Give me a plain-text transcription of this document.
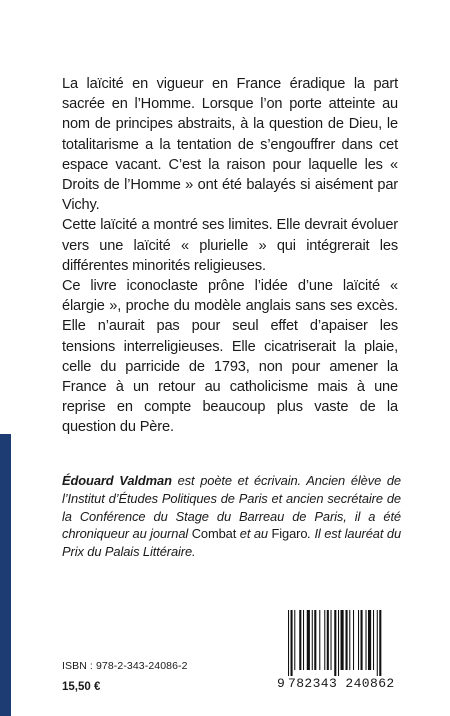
La laïcité en vigueur en France éradique la part sacrée en l’Homme. Lorsque l’on porte atteinte au nom de principes abstraits, à la question de Dieu, le totalitarisme a la tentation de s’engouffrer dans cet espace vacant. C’est la raison pour laquelle les « Droits de l’Homme » ont été balayés si aisément par Vichy.

Cette laïcité a montré ses limites. Elle devrait évoluer vers une laïcité « plurielle » qui intégrerait les différentes minorités religieuses.

Ce livre iconoclaste prône l’idée d’une laïcité « élargie », proche du modèle anglais sans ses excès. Elle n’aurait pas pour seul effet d’apaiser les tensions interreligieuses. Elle cicatriserait la plaie, celle du parricide de 1793, non pour amener la France à un retour au catholicisme mais à une reprise en compte beaucoup plus vaste de la question du Père.

Édouard Valdman est poète et écrivain. Ancien élève de l’Institut d’Études Politiques de Paris et ancien secrétaire de la Conférence du Stage du Barreau de Paris, il a été chroniqueur au journal Combat et au Figaro. Il est lauréat du Prix du Palais Littéraire.
ISBN : 978-2-343-24086-2
15,50 €	9 782343 240862
